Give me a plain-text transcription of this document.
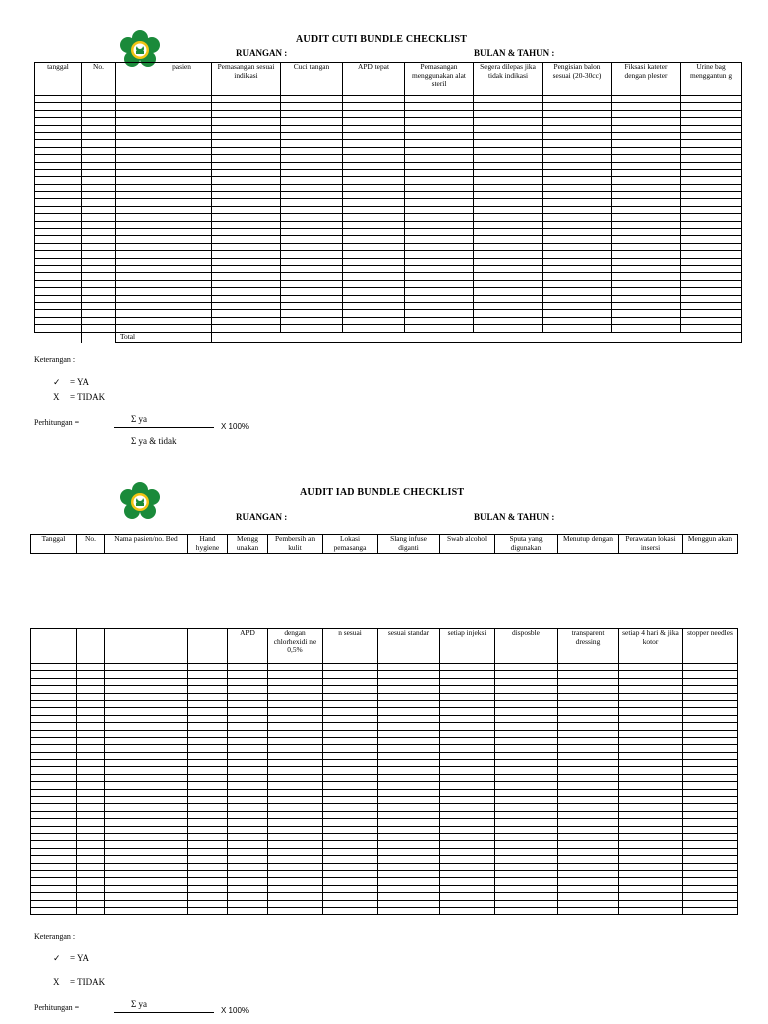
AUDIT CUTI BUNDLE CHECKLIST
RUANGAN :	BULAN & TAHUN :
tanggal	No.	pasien	Pemasangan sesuai indikasi	Cuci tangan	APD tepat	Pemasangan menggunakan alat steril	Segera dilepas jika tidak indikasi	Pengisian balon sesuai (20-30cc)	Fiksasi kateter dengan plester	Urine bag menggantun g

		Total								
Keterangan :
✓ = YA
X = TIDAK
Perhitungan =	Σ ya
X 100%
Σ ya & tidak
AUDIT IAD BUNDLE CHECKLIST
RUANGAN :	BULAN & TAHUN :
Tanggal	No.	Nama pasien/no. Bed	Hand hygiene	Mengg unakan	Pembersih an kulit	Lokasi pemasanga	Slang infuse diganti	Swab alcohol	Sputa yang digunakan	Menutup dengan	Perawatan lokasi insersi	Menggun akan
				APD	dengan chlorhexidi ne 0,5%	n sesuai	sesuai standar	setiap injeksi	disposble	transparent dressing	setiap 4 hari & jika kotor	stopper needles

Keterangan :
✓ = YA
X = TIDAK
Perhitungan =	Σ ya
X 100%
